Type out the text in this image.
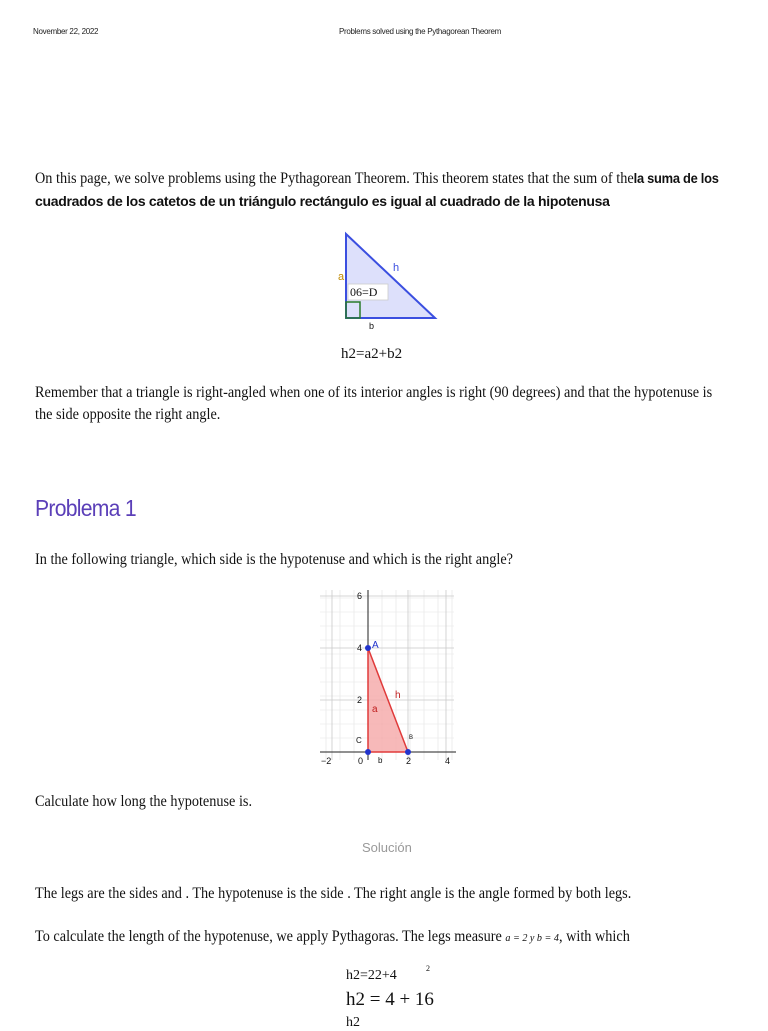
November 22, 2022	Problems solved using the Pythagorean Theorem
On this page, we solve problems using the Pythagorean Theorem. This theorem states that the sum of thela suma de los
cuadrados de los catetos de un triángulo rectángulo es igual al cuadrado de la hipotenusa
a
h
b
06=D
h2=a2+b2
Remember that a triangle is right-angled when one of its interior angles is right (90 degrees) and that the hypotenuse is
the side opposite the right angle.
Problema 1
In the following triangle, which side is the hypotenuse and which is the right angle?
6
4
2
−2	0	2	4
A
C	B
a
h
b
Calculate how long the hypotenuse is.
Solución
The legs are the sides and . The hypotenuse is the side . The right angle is the angle formed by both legs.
To calculate the length of the hypotenuse, we apply Pythagoras. The legs measure a = 2 y b = 4, with which
h2=22+4	2
h2 = 4 + 16
h2
